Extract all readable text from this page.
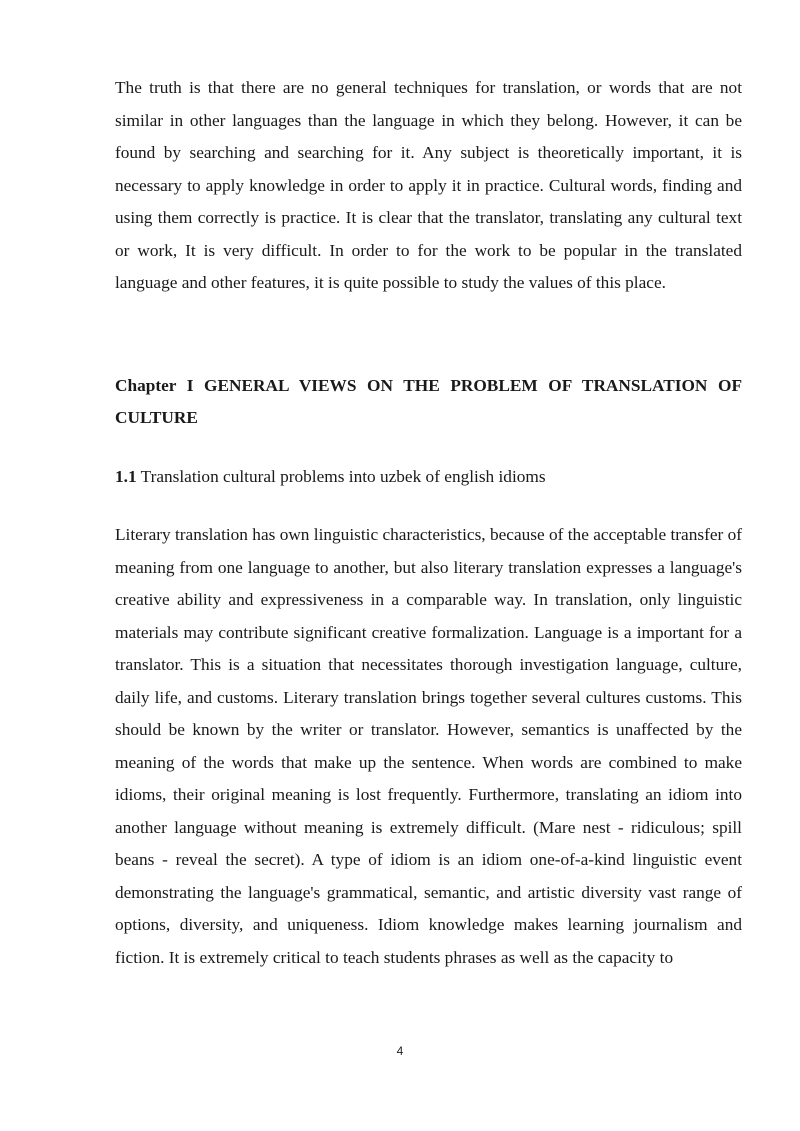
The truth is that there are no general techniques for translation, or words that are not similar in other languages than the language in which they belong. However, it can be found by searching and searching for it. Any subject is theoretically important, it is necessary to apply knowledge in order to apply it in practice. Cultural words, finding and using them correctly is practice. It is clear that the translator, translating any cultural text or work, It is very difficult. In order to for the work to be popular in the translated language and other features, it is quite possible to study the values of this place.

Chapter I GENERAL VIEWS ON THE PROBLEM OF TRANSLATION OF CULTURE

1.1 Translation cultural problems into uzbek of english idioms

Literary translation has own linguistic characteristics, because of the acceptable transfer of meaning from one language to another, but also literary translation expresses a language's creative ability and expressiveness in a comparable way. In translation, only linguistic materials may contribute significant creative formalization. Language is a important for a translator. This is a situation that necessitates thorough investigation language, culture, daily life, and customs. Literary translation brings together several cultures customs. This should be known by the writer or translator. However, semantics is unaffected by the meaning of the words that make up the sentence. When words are combined to make idioms, their original meaning is lost frequently. Furthermore, translating an idiom into another language without meaning is extremely difficult. (Mare nest - ridiculous; spill beans - reveal the secret). A type of idiom is an idiom one-of-a-kind linguistic event demonstrating the language's grammatical, semantic, and artistic diversity vast range of options, diversity, and uniqueness. Idiom knowledge makes learning journalism and fiction. It is extremely critical to teach students phrases as well as the capacity to

4
